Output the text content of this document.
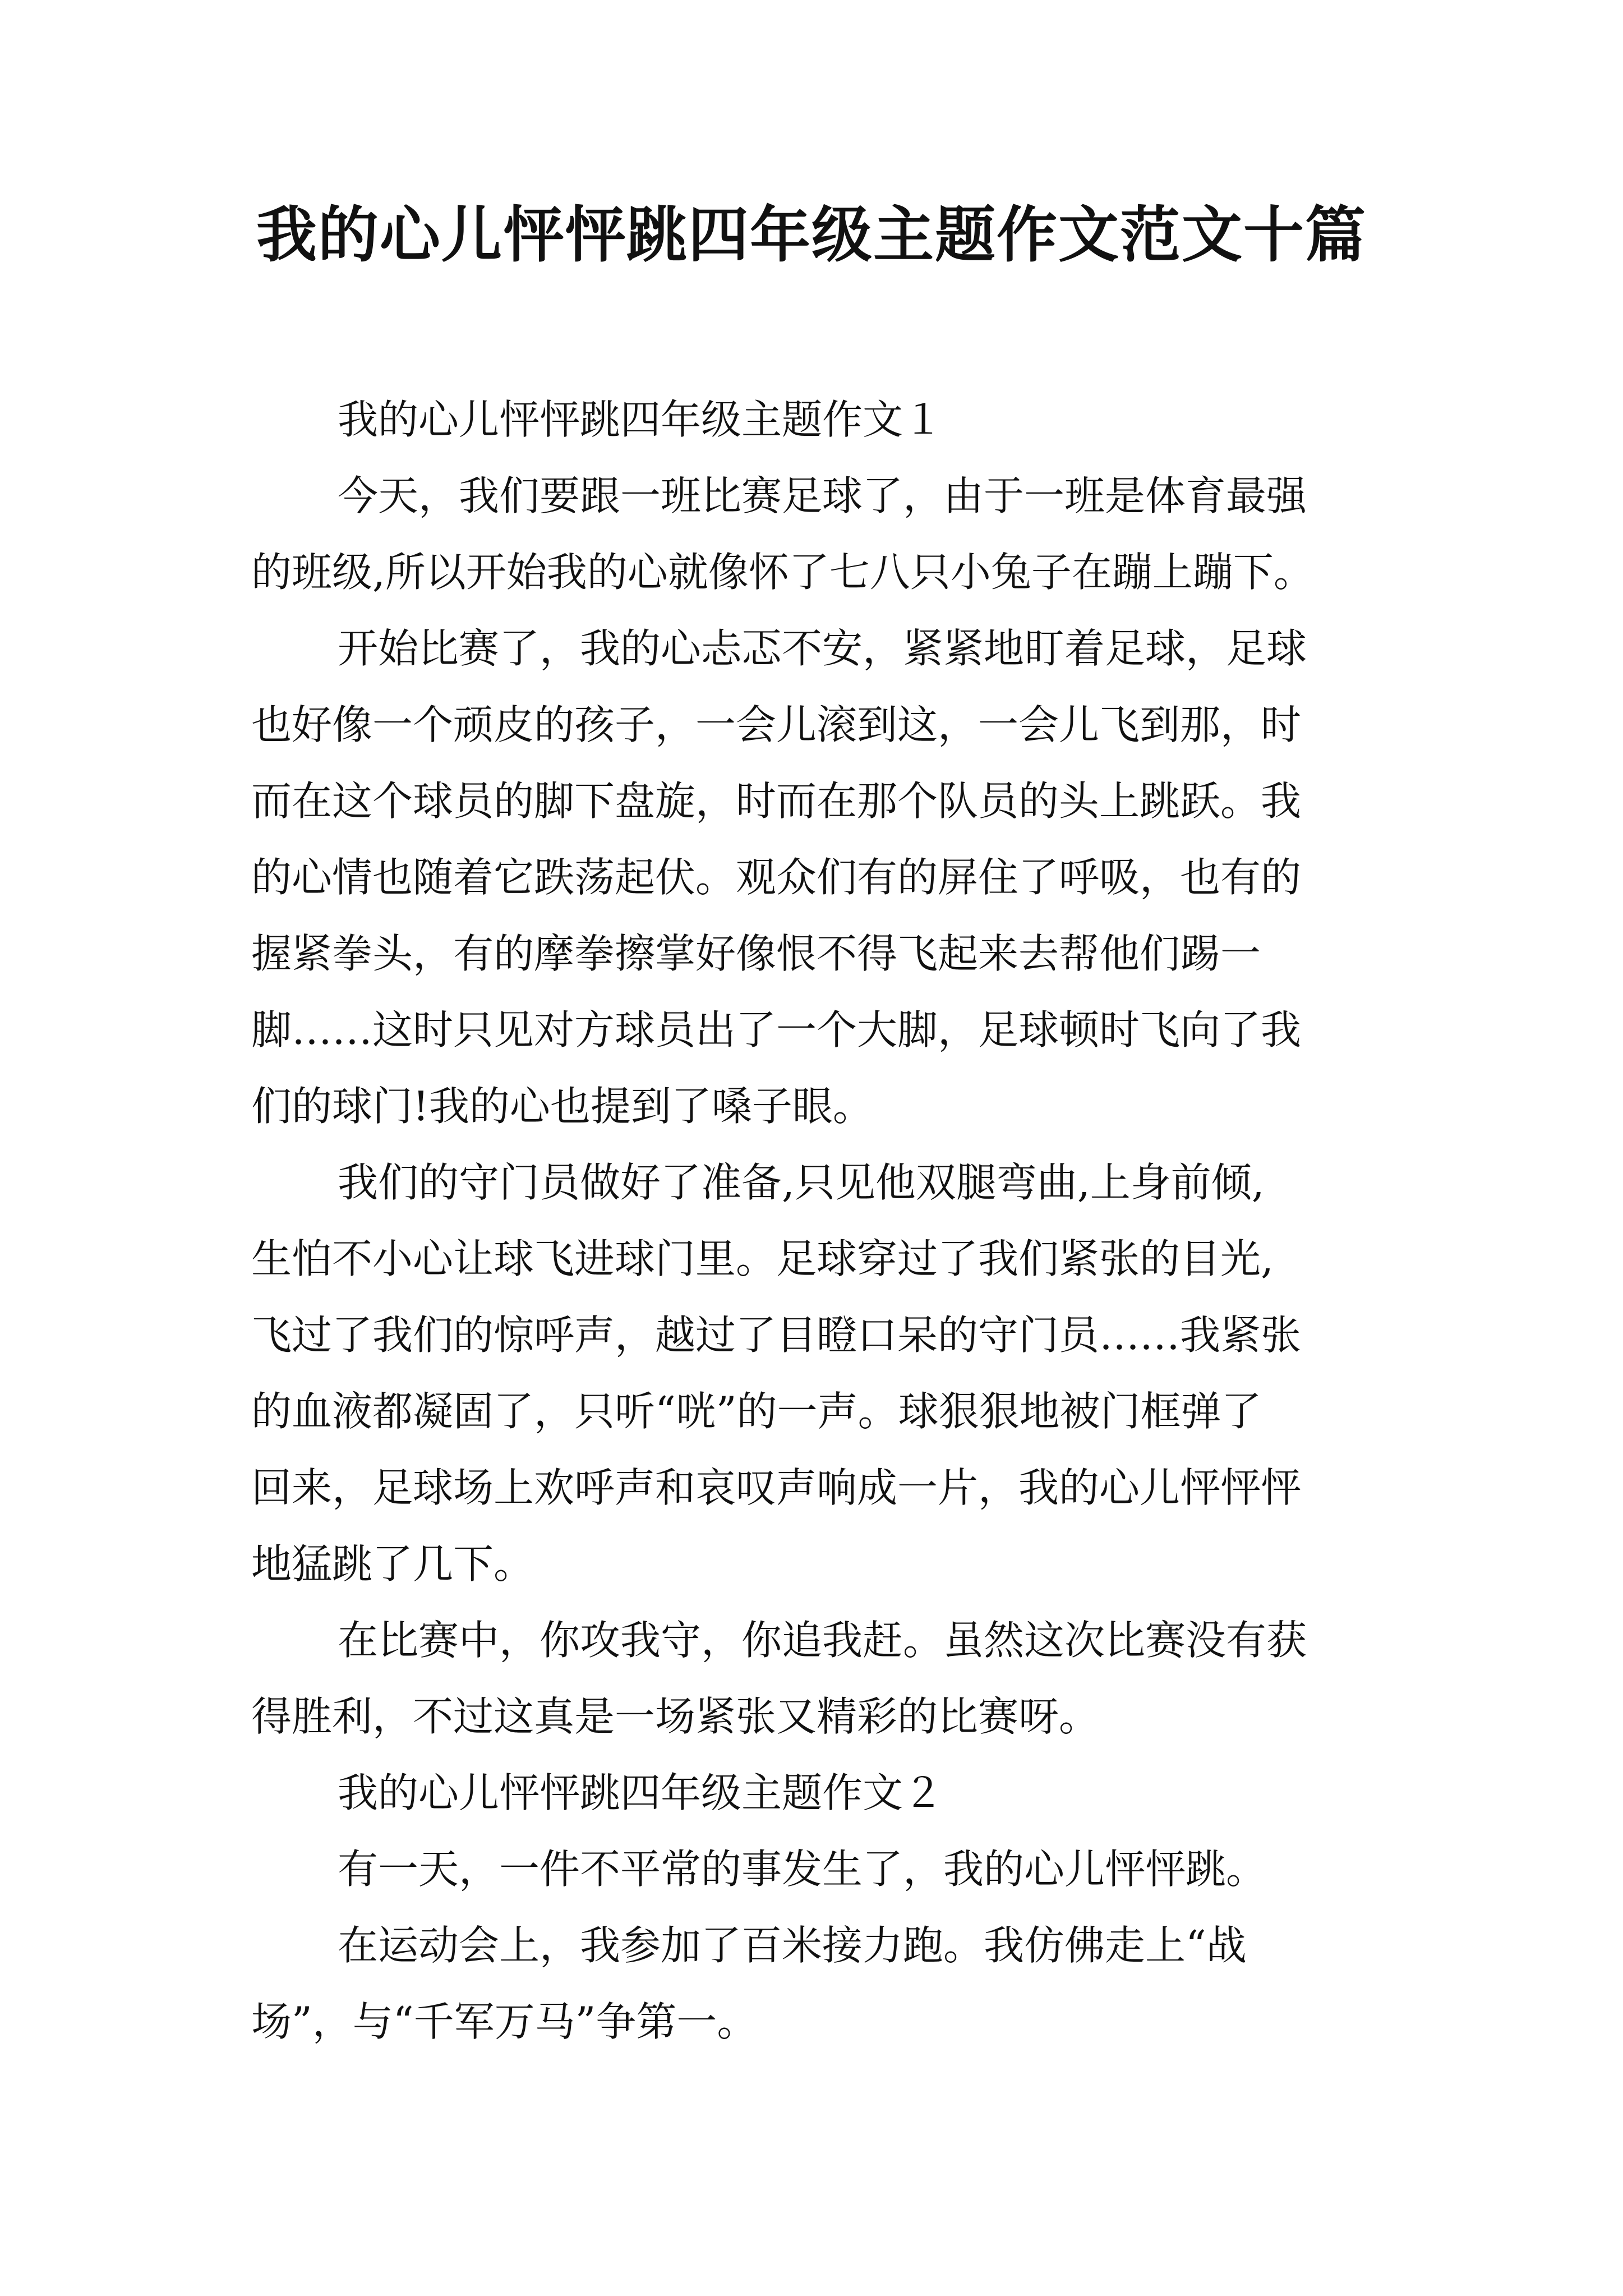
我的心儿怦怦跳四年级主题作文范文十篇
我的心儿怦怦跳四年级主题作文１
今天，我们要跟一班比赛足球了，由于一班是体育最强
的班级,所以开始我的心就像怀了七八只小兔子在蹦上蹦下。
开始比赛了，我的心忐忑不安，紧紧地盯着足球，足球
也好像一个顽皮的孩子，一会儿滚到这，一会儿飞到那，时
而在这个球员的脚下盘旋，时而在那个队员的头上跳跃。我
的心情也随着它跌荡起伏。观众们有的屏住了呼吸，也有的
握紧拳头，有的摩拳擦掌好像恨不得飞起来去帮他们踢一
脚……这时只见对方球员出了一个大脚，足球顿时飞向了我
们的球门!我的心也提到了嗓子眼。
我们的守门员做好了准备,只见他双腿弯曲,上身前倾,
生怕不小心让球飞进球门里。足球穿过了我们紧张的目光,
飞过了我们的惊呼声，越过了目瞪口呆的守门员……我紧张
的血液都凝固了，只听“咣”的一声。球狠狠地被门框弹了
回来，足球场上欢呼声和哀叹声响成一片，我的心儿怦怦怦
地猛跳了几下。
在比赛中，你攻我守，你追我赶。虽然这次比赛没有获
得胜利，不过这真是一场紧张又精彩的比赛呀。
我的心儿怦怦跳四年级主题作文２
有一天，一件不平常的事发生了，我的心儿怦怦跳。
在运动会上，我参加了百米接力跑。我仿佛走上“战
场”，与“千军万马”争第一。
